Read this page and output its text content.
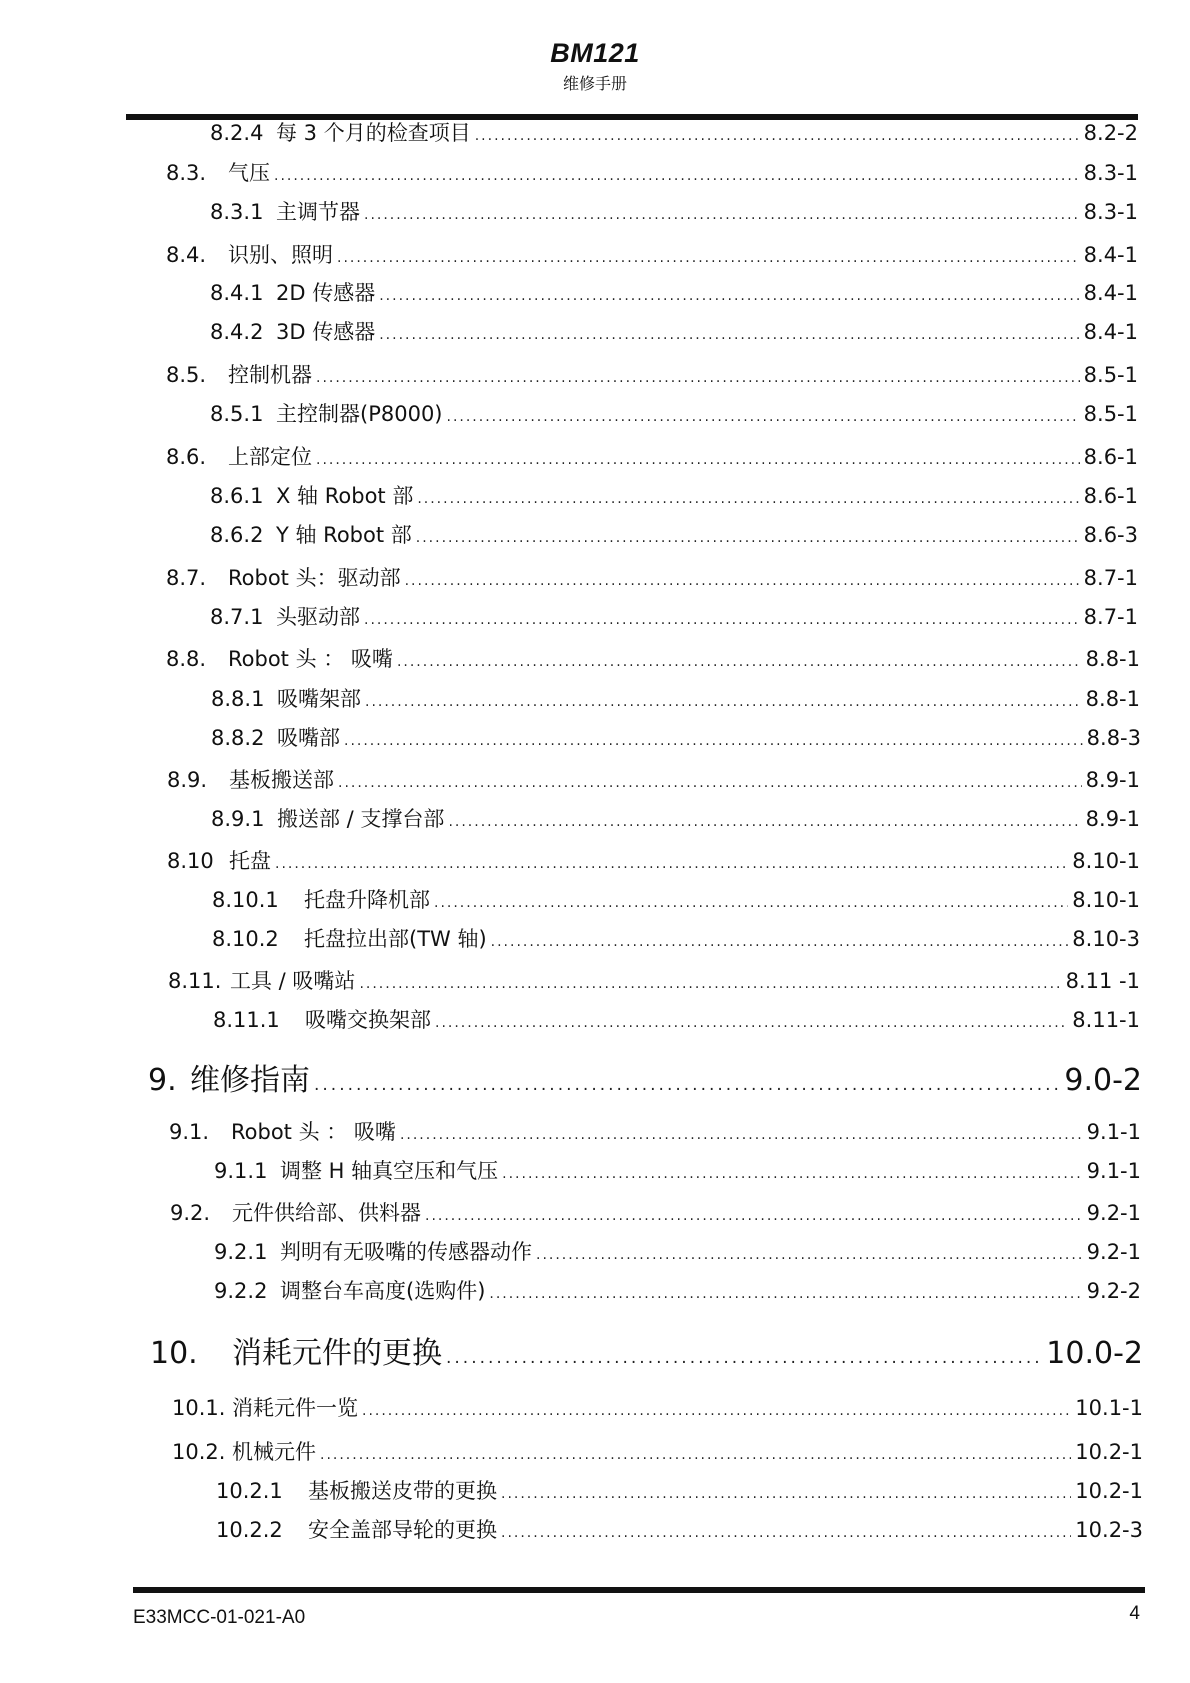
BM121
维修手册
8.2.4 每 3 个月的检查项目 .....	8.2-2
8.3.	气压 .....	8.3-1
8.3.1 主调节器 .....	8.3-1
8.4.	识别、照明 .....	8.4-1
8.4.1 2D 传感器 .....	8.4-1
8.4.2 3D 传感器 .....	8.4-1
8.5.	控制机器 .....	8.5-1
8.5.1 主控制器(P8000) .....	8.5-1
8.6.	上部定位 .....	8.6-1
8.6.1 X 轴 Robot 部 .....	8.6-1
8.6.2 Y 轴 Robot 部 .....	8.6-3
8.7.	Robot 头：驱动部 .....	8.7-1
8.7.1 头驱动部 .....	8.7-1
8.8.	Robot 头 ： 吸嘴 .....	8.8-1
8.8.1 吸嘴架部 .....	8.8-1
8.8.2 吸嘴部 .....	8.8-3
8.9.	基板搬送部 .....	8.9-1
8.9.1 搬送部 / 支撑台部 .....	8.9-1
8.10 托盘 .....	8.10-1
8.10.1	托盘升降机部 .....	8.10-1
8.10.2	托盘拉出部(TW 轴) .....	8.10-3
8.11. 工具 / 吸嘴站 .....	8.11 -1
8.11.1	吸嘴交换架部 .....	8.11-1
9. 维修指南 .....	9.0-2
9.1.	Robot 头 ： 吸嘴 .....	9.1-1
9.1.1 调整 H 轴真空压和气压 .....	9.1-1
9.2.	元件供给部、供料器 .....	9.2-1
9.2.1 判明有无吸嘴的传感器动作 .....	9.2-1
9.2.2 调整台车高度(选购件) .....	9.2-2
10.	消耗元件的更换 .....	10.0-2
10.1. 消耗元件一览 .....	10.1-1
10.2. 机械元件 .....	10.2-1
10.2.1	基板搬送皮带的更换 .....	10.2-1
10.2.2	安全盖部导轮的更换 .....	10.2-3
E33MCC-01-021-A0	4
